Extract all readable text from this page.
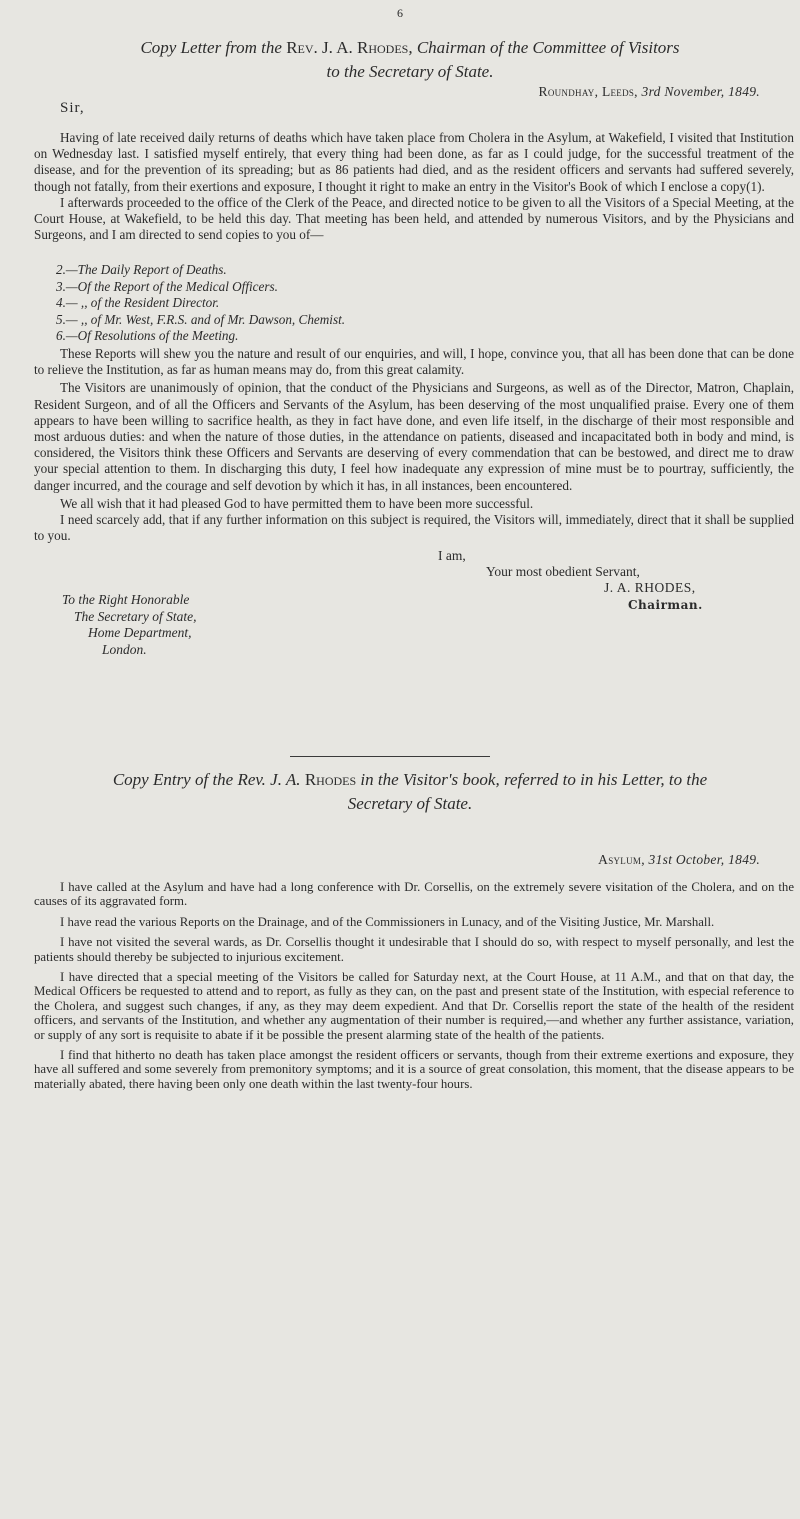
6
Copy Letter from the Rev. J. A. Rhodes, Chairman of the Committee of Visitors
to the Secretary of State.
Roundhay, Leeds, 3rd November, 1849.
Sir,

Having of late received daily returns of deaths which have taken place from Cholera in the Asylum, at Wakefield, I visited that Institution on Wednesday last. I satisfied myself entirely, that every thing had been done, as far as I could judge, for the successful treatment of the disease, and for the prevention of its spreading; but as 86 patients had died, and as the resident officers and servants had suffered severely, though not fatally, from their exertions and exposure, I thought it right to make an entry in the Visitor's Book of which I enclose a copy(1).

I afterwards proceeded to the office of the Clerk of the Peace, and directed notice to be given to all the Visitors of a Special Meeting, at the Court House, at Wakefield, to be held this day. That meeting has been held, and attended by numerous Visitors, and by the Physicians and Surgeons, and I am directed to send copies to you of—

2.—The Daily Report of Deaths.
3.—Of the Report of the Medical Officers.
4.— ,, of the Resident Director.
5.— ,, of Mr. West, F.R.S. and of Mr. Dawson, Chemist.
6.—Of Resolutions of the Meeting.

These Reports will shew you the nature and result of our enquiries, and will, I hope, convince you, that all has been done that can be done to relieve the Institution, as far as human means may do, from this great calamity.

The Visitors are unanimously of opinion, that the conduct of the Physicians and Surgeons, as well as of the Director, Matron, Chaplain, Resident Surgeon, and of all the Officers and Servants of the Asylum, has been deserving of the most unqualified praise. Every one of them appears to have been willing to sacrifice health, as they in fact have done, and even life itself, in the discharge of their most responsible and most arduous duties: and when the nature of those duties, in the attendance on patients, diseased and incapacitated both in body and mind, is considered, the Visitors think these Officers and Servants are deserving of every commendation that can be bestowed, and direct me to draw your special attention to them. In discharging this duty, I feel how inadequate any expression of mine must be to pourtray, sufficiently, the danger incurred, and the courage and self devotion by which it has, in all instances, been encountered.

We all wish that it had pleased God to have permitted them to have been more successful.

I need scarcely add, that if any further information on this subject is required, the Visitors will, immediately, direct that it shall be supplied to you.

I am,
Your most obedient Servant,
J. A. RHODES,
Chairman.
To the Right Honorable
The Secretary of State,
Home Department,
London.
Copy Entry of the Rev. J. A. Rhodes in the Visitor's book, referred to in his Letter, to the
Secretary of State.
Asylum, 31st October, 1849.

I have called at the Asylum and have had a long conference with Dr. Corsellis, on the extremely severe visitation of the Cholera, and on the causes of its aggravated form.

I have read the various Reports on the Drainage, and of the Commissioners in Lunacy, and of the Visiting Justice, Mr. Marshall.

I have not visited the several wards, as Dr. Corsellis thought it undesirable that I should do so, with respect to myself personally, and lest the patients should thereby be subjected to injurious excitement.

I have directed that a special meeting of the Visitors be called for Saturday next, at the Court House, at 11 A.M., and that on that day, the Medical Officers be requested to attend and to report, as fully as they can, on the past and present state of the Institution, with especial reference to the Cholera, and suggest such changes, if any, as they may deem expedient. And that Dr. Corsellis report the state of the health of the resident officers, and servants of the Institution, and whether any augmentation of their number is required,—and whether any further assistance, variation, or supply of any sort is requisite to abate if it be possible the present alarming state of the health of the patients.

I find that hitherto no death has taken place amongst the resident officers or servants, though from their extreme exertions and exposure, they have all suffered and some severely from premonitory symptoms; and it is a source of great consolation, this moment, that the disease appears to be materially abated, there having been only one death within the last twenty-four hours.
